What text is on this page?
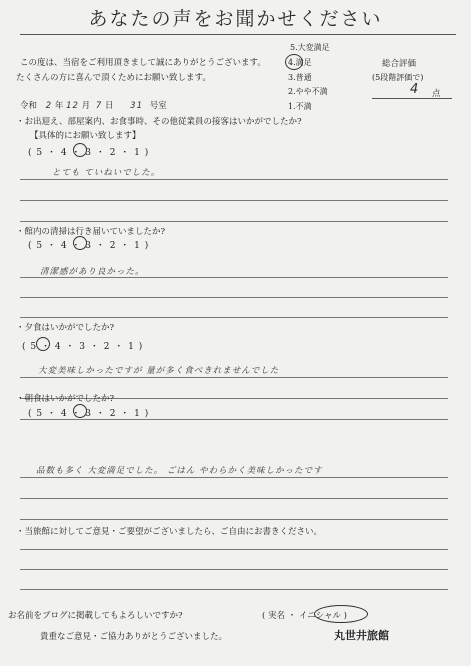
あなたの声をお聞かせください
この度は、当宿をご利用頂きまして誠にありがとうございます。
たくさんの方に喜んで頂くためにお願い致します。
5.大変満足
4.満足
3.普通
2.やや不満
1.不満
総合評価
(5段階評価で)
4 点
令和 2 年 12 月 7 日 31 号室
・お出迎え、部屋案内、お食事時、その他従業員の接客はいかがでしたか?
【具体的にお願い致します】
( 5 ・ 4 ・ 3 ・ 2 ・ 1 )
とても ていねいでした。
・館内の清掃は行き届いていましたか?
( 5 ・ 4 ・ 3 ・ 2 ・ 1 )
清潔感があり良かった。
・夕食はいかがでしたか?
( 5 ・ 4 ・ 3 ・ 2 ・ 1 )
大変美味しかったですが 量が多く食べきれませんでした
・朝食はいかがでしたか?
( 5 ・ 4 ・ 3 ・ 2 ・ 1 )
品数も多く 大変満足でした。 ごはん やわらかく美味しかったです
・当旅館に対してご意見・ご要望がございましたら、ご自由にお書きください。
お名前をブログに掲載してもよろしいですか?	( 実名 ・ イニシャル )
貴重なご意見・ご協力ありがとうございました。	丸世井旅館
